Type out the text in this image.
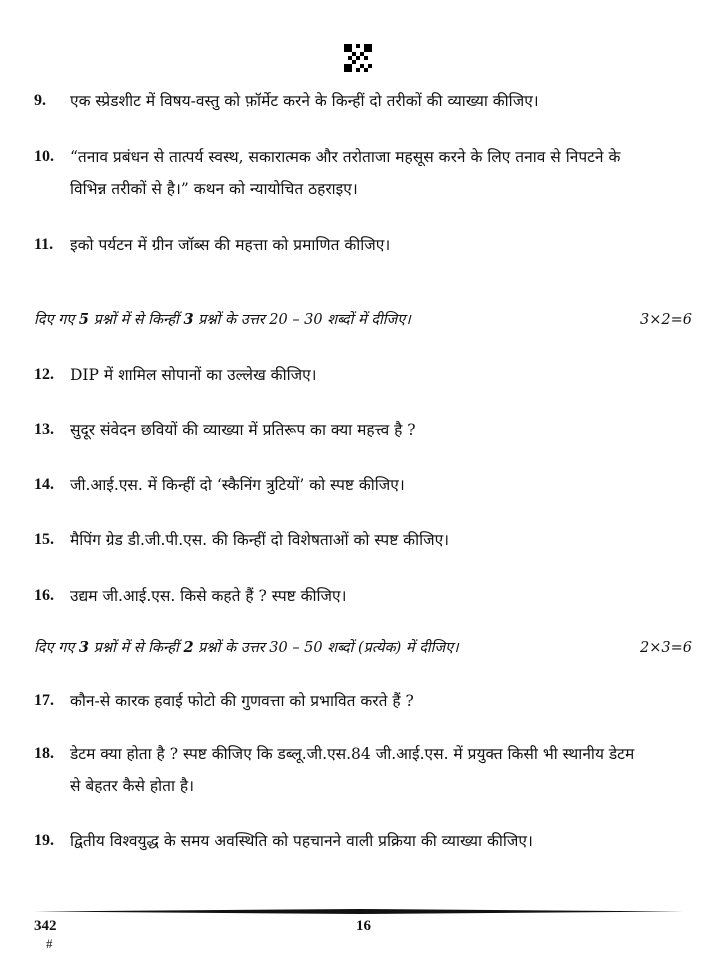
9. एक स्प्रेडशीट में विषय-वस्तु को फ़ॉर्मेट करने के किन्हीं दो तरीकों की व्याख्या कीजिए।
10. “तनाव प्रबंधन से तात्पर्य स्वस्थ, सकारात्मक और तरोताजा महसूस करने के लिए तनाव से निपटने के
विभिन्न तरीकों से है।” कथन को न्यायोचित ठहराइए।
11. इको पर्यटन में ग्रीन जॉब्स की महत्ता को प्रमाणित कीजिए।
दिए गए 5 प्रश्नों में से किन्हीं 3 प्रश्नों के उत्तर 20 – 30 शब्दों में दीजिए।	3×2=6
12. DIP में शामिल सोपानों का उल्लेख कीजिए।
13. सुदूर संवेदन छवियों की व्याख्या में प्रतिरूप का क्या महत्त्व है ?
14. जी.आई.एस. में किन्हीं दो ‘स्कैनिंग त्रुटियों’ को स्पष्ट कीजिए।
15. मैपिंग ग्रेड डी.जी.पी.एस. की किन्हीं दो विशेषताओं को स्पष्ट कीजिए।
16. उद्यम जी.आई.एस. किसे कहते हैं ? स्पष्ट कीजिए।
दिए गए 3 प्रश्नों में से किन्हीं 2 प्रश्नों के उत्तर 30 – 50 शब्दों (प्रत्येक) में दीजिए।	2×3=6
17. कौन-से कारक हवाई फोटो की गुणवत्ता को प्रभावित करते हैं ?
18. डेटम क्या होता है ? स्पष्ट कीजिए कि डब्लू.जी.एस.84 जी.आई.एस. में प्रयुक्त किसी भी स्थानीय डेटम
से बेहतर कैसे होता है।
19. द्वितीय विश्वयुद्ध के समय अवस्थिति को पहचानने वाली प्रक्रिया की व्याख्या कीजिए।
342
#
16
